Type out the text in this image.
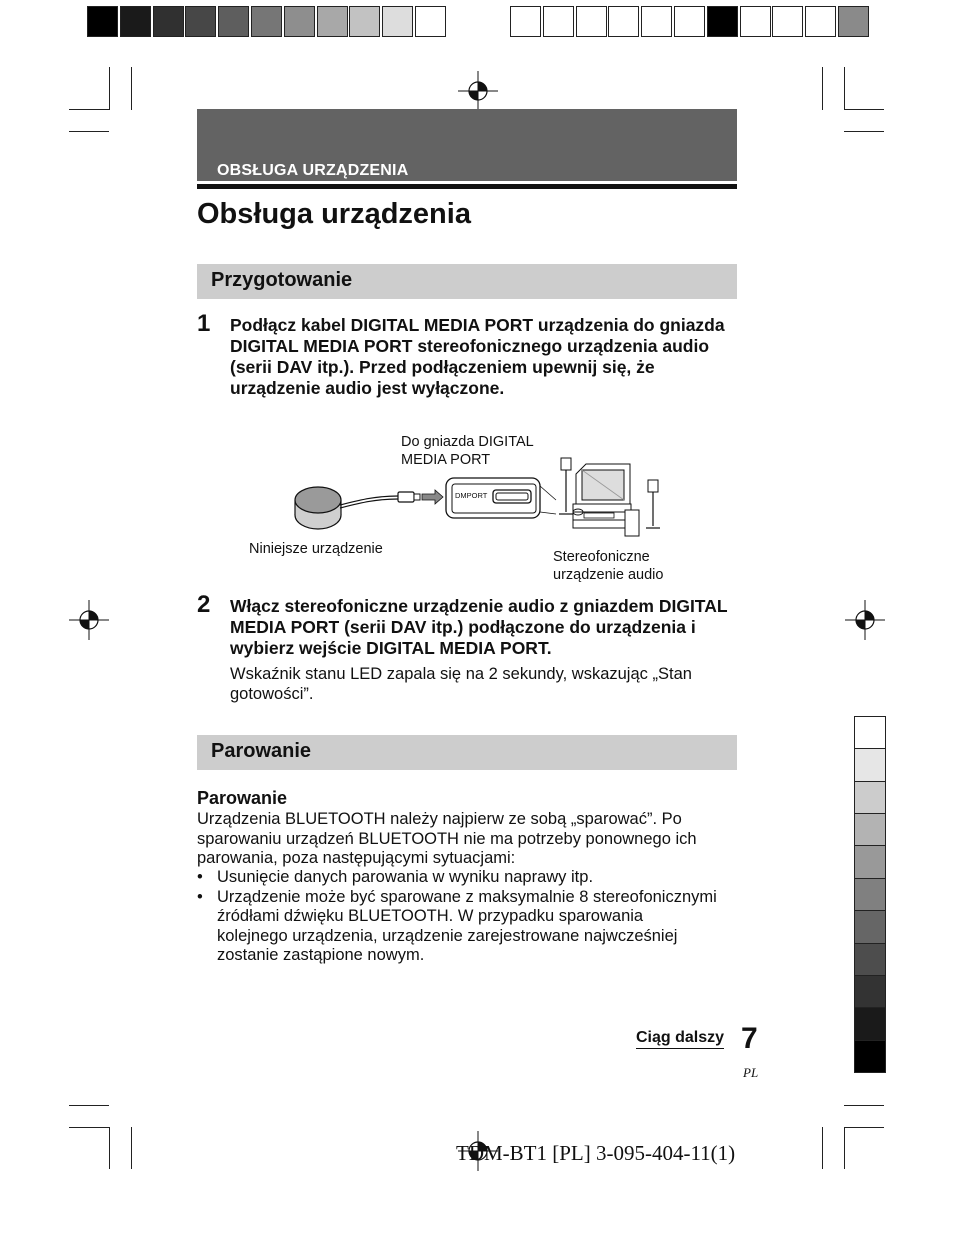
OBSŁUGA URZĄDZENIA
Obsługa urządzenia
Przygotowanie
1 Podłącz kabel DIGITAL MEDIA PORT urządzenia do gniazda DIGITAL MEDIA PORT stereofonicznego urządzenia audio (serii DAV itp.). Przed podłączeniem upewnij się, że urządzenie audio jest wyłączone.
Do gniazda DIGITAL MEDIA PORT
Niniejsze urządzenie	Stereofoniczne urządzenie audio
DMPORT
2 Włącz stereofoniczne urządzenie audio z gniazdem DIGITAL MEDIA PORT (serii DAV itp.) podłączone do urządzenia i wybierz wejście DIGITAL MEDIA PORT.
Wskaźnik stanu LED zapala się na 2 sekundy, wskazując „Stan gotowości”.
Parowanie
Parowanie
Urządzenia BLUETOOTH należy najpierw ze sobą „sparować”. Po sparowaniu urządzeń BLUETOOTH nie ma potrzeby ponownego ich parowania, poza następującymi sytuacjami:
• Usunięcie danych parowania w wyniku naprawy itp.
• Urządzenie może być sparowane z maksymalnie 8 stereofonicznymi źródłami dźwięku BLUETOOTH. W przypadku sparowania kolejnego urządzenia, urządzenie zarejestrowane najwcześniej zostanie zastąpione nowym.
Ciąg dalszy 7
PL
TDM-BT1 [PL] 3-095-404-11(1)
